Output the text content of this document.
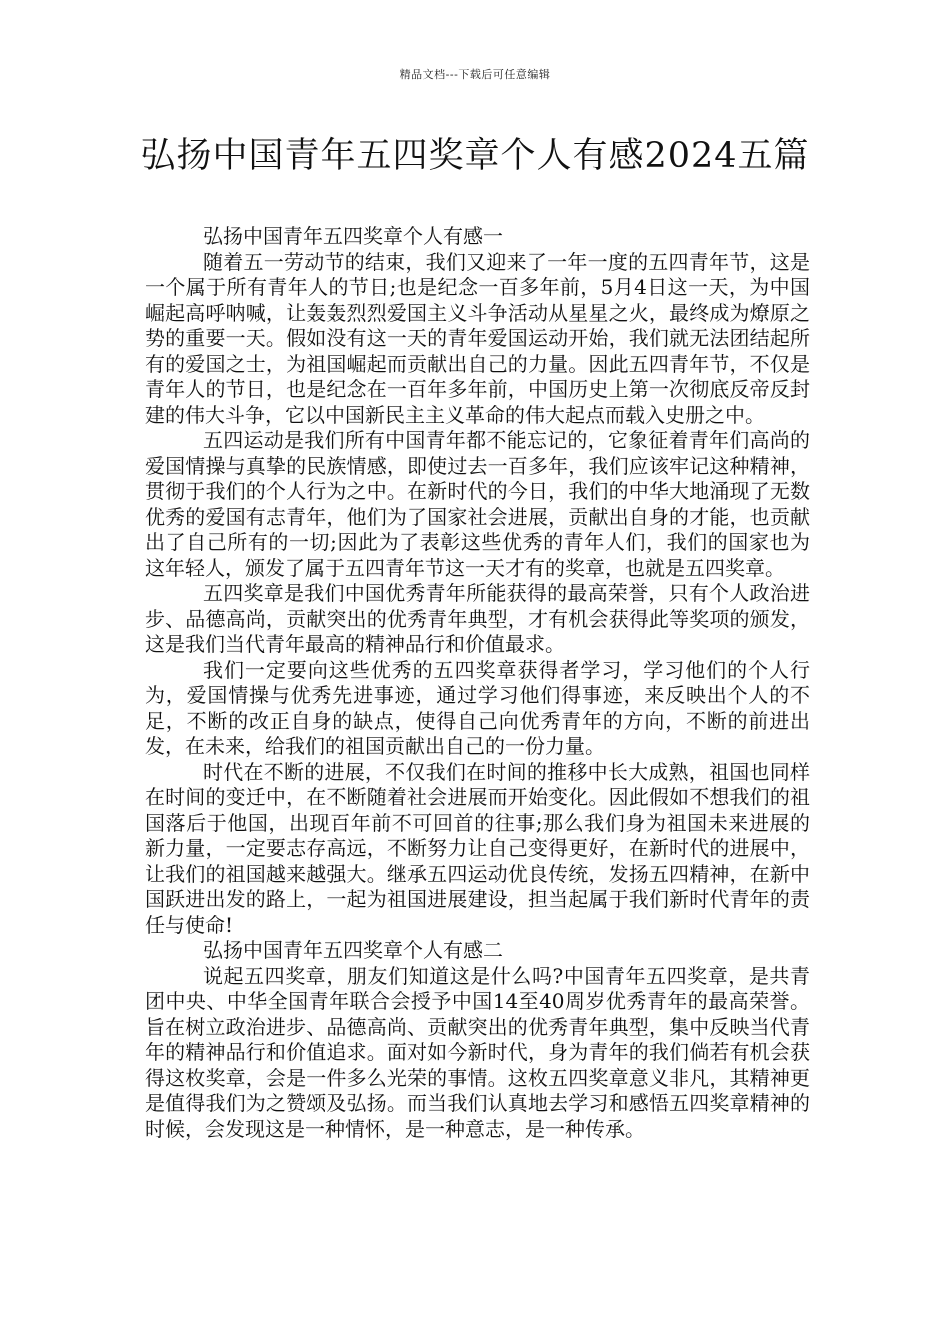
精品文档---下载后可任意编辑
弘扬中国青年五四奖章个人有感2024五篇

弘扬中国青年五四奖章个人有感一

随着五一劳动节的结束，我们又迎来了一年一度的五四青年节，这是一个属于所有青年人的节日;也是纪念一百多年前，5月4日这一天，为中国崛起高呼呐喊，让轰轰烈烈爱国主义斗争活动从星星之火，最终成为燎原之势的重要一天。假如没有这一天的青年爱国运动开始，我们就无法团结起所有的爱国之士，为祖国崛起而贡献出自己的力量。因此五四青年节，不仅是青年人的节日，也是纪念在一百年多年前，中国历史上第一次彻底反帝反封建的伟大斗争，它以中国新民主主义革命的伟大起点而载入史册之中。

五四运动是我们所有中国青年都不能忘记的，它象征着青年们高尚的爱国情操与真挚的民族情感，即使过去一百多年，我们应该牢记这种精神，贯彻于我们的个人行为之中。在新时代的今日，我们的中华大地涌现了无数优秀的爱国有志青年，他们为了国家社会进展，贡献出自身的才能，也贡献出了自己所有的一切;因此为了表彰这些优秀的青年人们，我们的国家也为这年轻人，颁发了属于五四青年节这一天才有的奖章，也就是五四奖章。

五四奖章是我们中国优秀青年所能获得的最高荣誉，只有个人政治进步、品德高尚，贡献突出的优秀青年典型，才有机会获得此等奖项的颁发，这是我们当代青年最高的精神品行和价值最求。

我们一定要向这些优秀的五四奖章获得者学习，学习他们的个人行为，爱国情操与优秀先进事迹，通过学习他们得事迹，来反映出个人的不足，不断的改正自身的缺点，使得自己向优秀青年的方向，不断的前进出发，在未来，给我们的祖国贡献出自己的一份力量。

时代在不断的进展，不仅我们在时间的推移中长大成熟，祖国也同样在时间的变迁中，在不断随着社会进展而开始变化。因此假如不想我们的祖国落后于他国，出现百年前不可回首的往事;那么我们身为祖国未来进展的新力量，一定要志存高远，不断努力让自己变得更好，在新时代的进展中，让我们的祖国越来越强大。继承五四运动优良传统，发扬五四精神，在新中国跃进出发的路上，一起为祖国进展建设，担当起属于我们新时代青年的责任与使命!

弘扬中国青年五四奖章个人有感二

说起五四奖章，朋友们知道这是什么吗?中国青年五四奖章，是共青团中央、中华全国青年联合会授予中国14至40周岁优秀青年的最高荣誉。旨在树立政治进步、品德高尚、贡献突出的优秀青年典型，集中反映当代青年的精神品行和价值追求。面对如今新时代，身为青年的我们倘若有机会获得这枚奖章，会是一件多么光荣的事情。这枚五四奖章意义非凡，其精神更是值得我们为之赞颂及弘扬。而当我们认真地去学习和感悟五四奖章精神的时候，会发现这是一种情怀，是一种意志，是一种传承。
